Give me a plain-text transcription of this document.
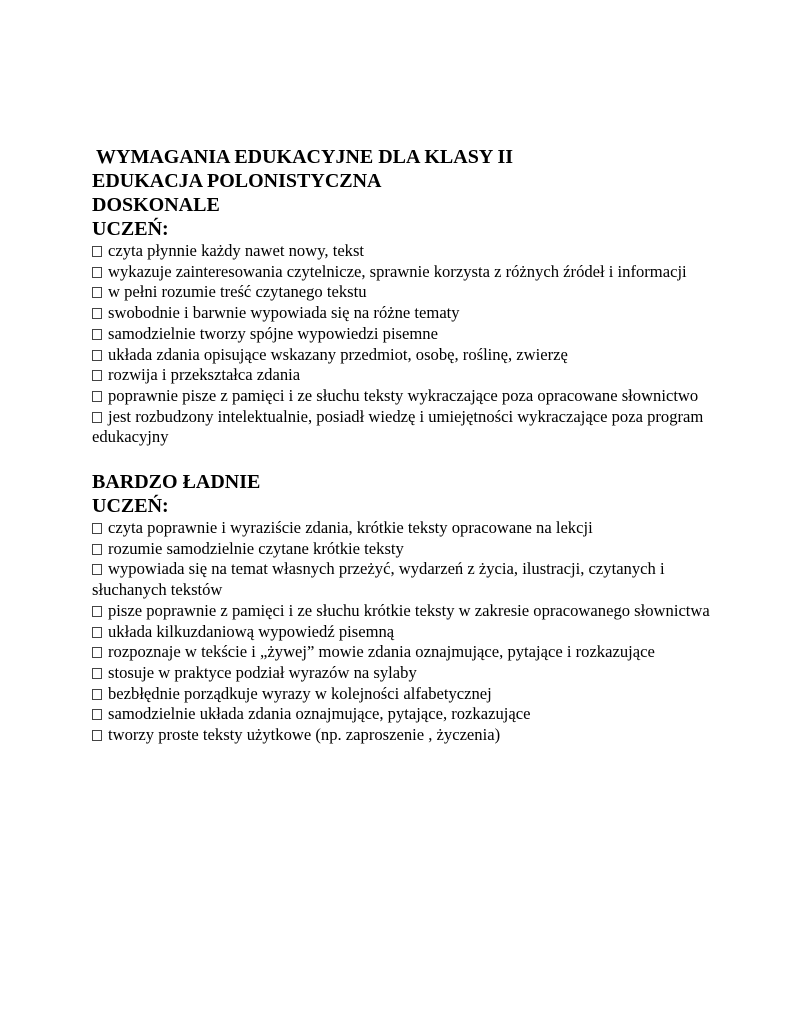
WYMAGANIA EDUKACYJNE DLA KLASY II

EDUKACJA POLONISTYCZNA

DOSKONALE

UCZEŃ:

czyta płynnie każdy nawet nowy, tekst
wykazuje zainteresowania czytelnicze, sprawnie korzysta z różnych źródeł i informacji
w pełni rozumie treść czytanego tekstu
swobodnie i barwnie wypowiada się na różne tematy
samodzielnie tworzy spójne wypowiedzi pisemne
układa zdania opisujące wskazany przedmiot, osobę, roślinę, zwierzę
rozwija i przekształca zdania
poprawnie pisze z pamięci i ze słuchu teksty wykraczające poza opracowane słownictwo
jest rozbudzony intelektualnie, posiadł wiedzę i umiejętności wykraczające poza program edukacyjny

BARDZO ŁADNIE

UCZEŃ:

czyta poprawnie i wyraziście zdania, krótkie teksty opracowane na lekcji
rozumie samodzielnie czytane krótkie teksty
wypowiada się na temat własnych przeżyć, wydarzeń z życia, ilustracji, czytanych i słuchanych tekstów
pisze poprawnie z pamięci i ze słuchu krótkie teksty w zakresie opracowanego słownictwa
układa kilkuzdaniową wypowiedź pisemną
rozpoznaje w tekście i „żywej” mowie zdania oznajmujące, pytające i rozkazujące
stosuje w praktyce podział wyrazów na sylaby
bezbłędnie porządkuje wyrazy w kolejności alfabetycznej
samodzielnie układa zdania oznajmujące, pytające, rozkazujące
tworzy proste teksty użytkowe (np. zaproszenie , życzenia)
